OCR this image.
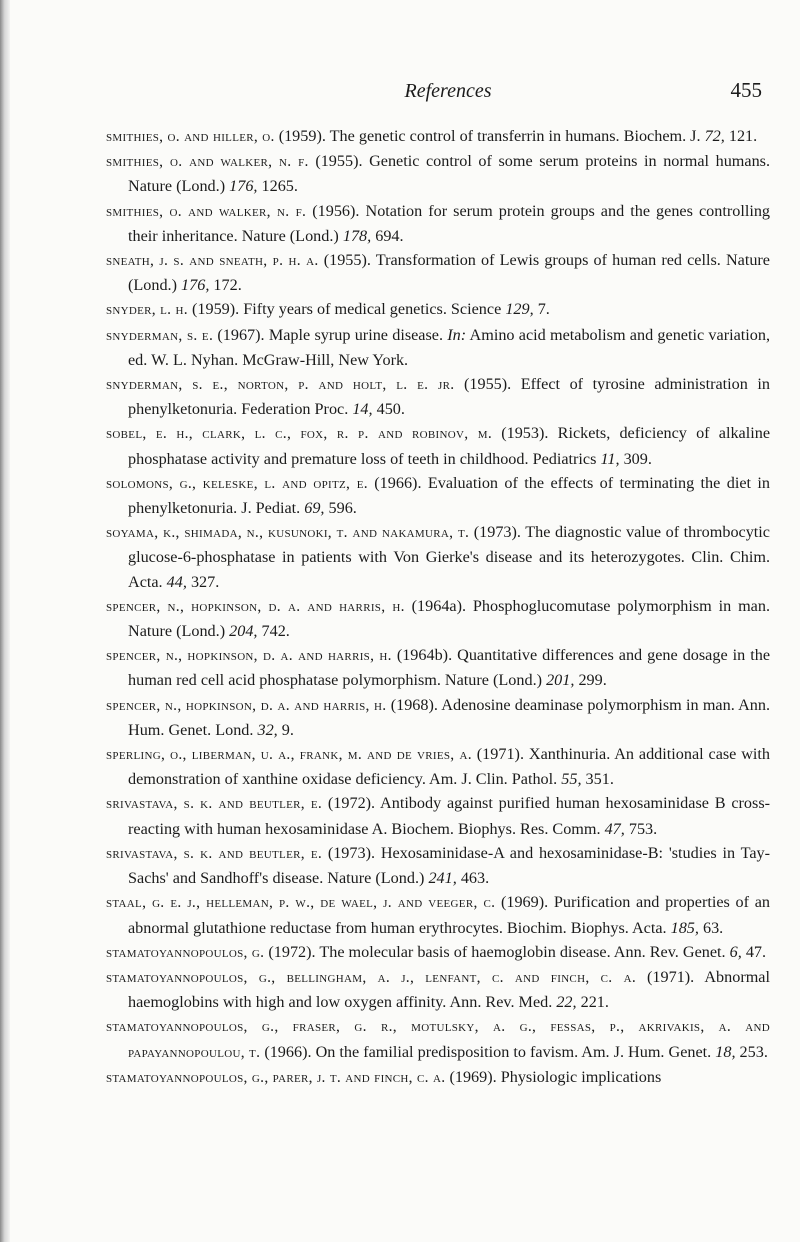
References	455
smithies, o. and hiller, o. (1959). The genetic control of transferrin in humans. Biochem. J. 72, 121.
smithies, o. and walker, n. f. (1955). Genetic control of some serum proteins in normal humans. Nature (Lond.) 176, 1265.
smithies, o. and walker, n. f. (1956). Notation for serum protein groups and the genes controlling their inheritance. Nature (Lond.) 178, 694.
sneath, j. s. and sneath, p. h. a. (1955). Transformation of Lewis groups of human red cells. Nature (Lond.) 176, 172.
snyder, l. h. (1959). Fifty years of medical genetics. Science 129, 7.
snyderman, s. e. (1967). Maple syrup urine disease. In: Amino acid metabolism and genetic variation, ed. W. L. Nyhan. McGraw-Hill, New York.
snyderman, s. e., norton, p. and holt, l. e. jr. (1955). Effect of tyrosine administration in phenylketonuria. Federation Proc. 14, 450.
sobel, e. h., clark, l. c., fox, r. p. and robinov, m. (1953). Rickets, deficiency of alkaline phosphatase activity and premature loss of teeth in childhood. Pediatrics 11, 309.
solomons, g., keleske, l. and opitz, e. (1966). Evaluation of the effects of terminating the diet in phenylketonuria. J. Pediat. 69, 596.
soyama, k., shimada, n., kusunoki, t. and nakamura, t. (1973). The diagnostic value of thrombocytic glucose-6-phosphatase in patients with Von Gierke's disease and its heterozygotes. Clin. Chim. Acta. 44, 327.
spencer, n., hopkinson, d. a. and harris, h. (1964a). Phosphoglucomutase polymorphism in man. Nature (Lond.) 204, 742.
spencer, n., hopkinson, d. a. and harris, h. (1964b). Quantitative differences and gene dosage in the human red cell acid phosphatase polymorphism. Nature (Lond.) 201, 299.
spencer, n., hopkinson, d. a. and harris, h. (1968). Adenosine deaminase polymorphism in man. Ann. Hum. Genet. Lond. 32, 9.
sperling, o., liberman, u. a., frank, m. and de vries, a. (1971). Xanthinuria. An additional case with demonstration of xanthine oxidase deficiency. Am. J. Clin. Pathol. 55, 351.
srivastava, s. k. and beutler, e. (1972). Antibody against purified human hexosaminidase B cross-reacting with human hexosaminidase A. Biochem. Biophys. Res. Comm. 47, 753.
srivastava, s. k. and beutler, e. (1973). Hexosaminidase-A and hexosaminidase-B: 'studies in Tay-Sachs' and Sandhoff's disease. Nature (Lond.) 241, 463.
staal, g. e. j., helleman, p. w., de wael, j. and veeger, c. (1969). Purification and properties of an abnormal glutathione reductase from human erythrocytes. Biochim. Biophys. Acta. 185, 63.
stamatoyannopoulos, g. (1972). The molecular basis of haemoglobin disease. Ann. Rev. Genet. 6, 47.
stamatoyannopoulos, g., bellingham, a. j., lenfant, c. and finch, c. a. (1971). Abnormal haemoglobins with high and low oxygen affinity. Ann. Rev. Med. 22, 221.
stamatoyannopoulos, g., fraser, g. r., motulsky, a. g., fessas, p., akrivakis, a. and papayannopoulou, t. (1966). On the familial predisposition to favism. Am. J. Hum. Genet. 18, 253.
stamatoyannopoulos, g., parer, j. t. and finch, c. a. (1969). Physiologic implications
